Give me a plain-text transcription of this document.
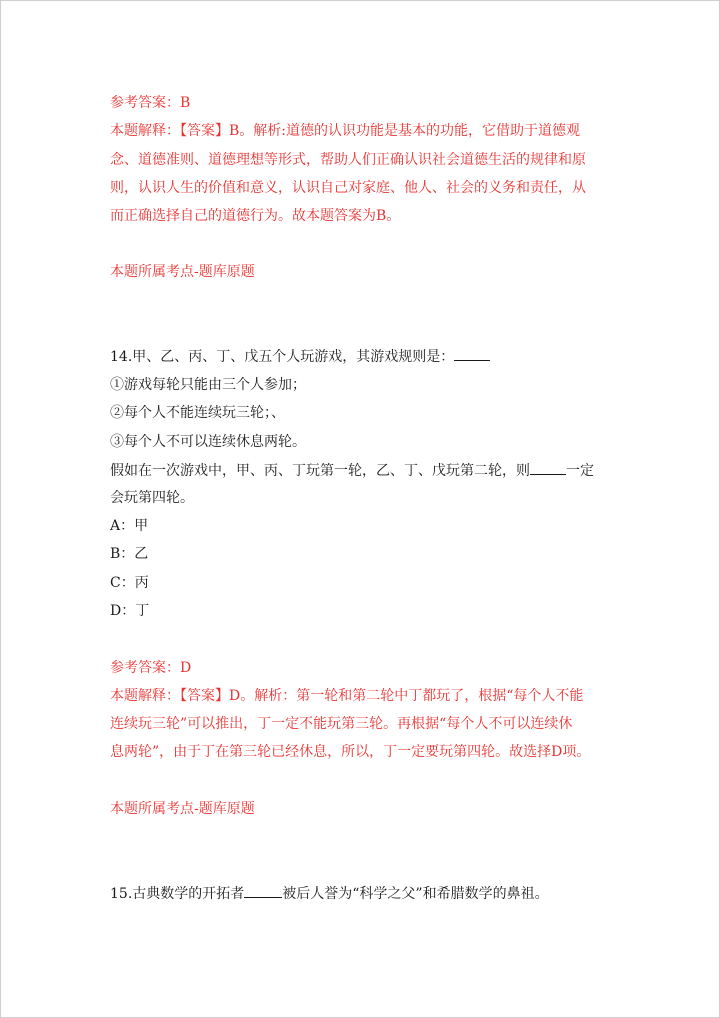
参考答案：B
本题解释：【答案】B。解析:道德的认识功能是基本的功能，它借助于道德观
念、道德准则、道德理想等形式，帮助人们正确认识社会道德生活的规律和原
则，认识人生的价值和意义，认识自己对家庭、他人、社会的义务和责任，从
而正确选择自己的道德行为。故本题答案为B。
本题所属考点-题库原题
14.甲、乙、丙、丁、戊五个人玩游戏，其游戏规则是：
①游戏每轮只能由三个人参加；
②每个人不能连续玩三轮；、
③每个人不可以连续休息两轮。
假如在一次游戏中，甲、丙、丁玩第一轮，乙、丁、戊玩第二轮，则	一定
会玩第四轮。
A：甲
B：乙
C：丙
D：丁
参考答案：D
本题解释：【答案】D。解析：第一轮和第二轮中丁都玩了，根据“每个人不能
连续玩三轮”可以推出，丁一定不能玩第三轮。再根据“每个人不可以连续休
息两轮”，由于丁在第三轮已经休息，所以，丁一定要玩第四轮。故选择D项。
本题所属考点-题库原题
15.古典数学的开拓者	被后人誉为“科学之父”和希腊数学的鼻祖。
